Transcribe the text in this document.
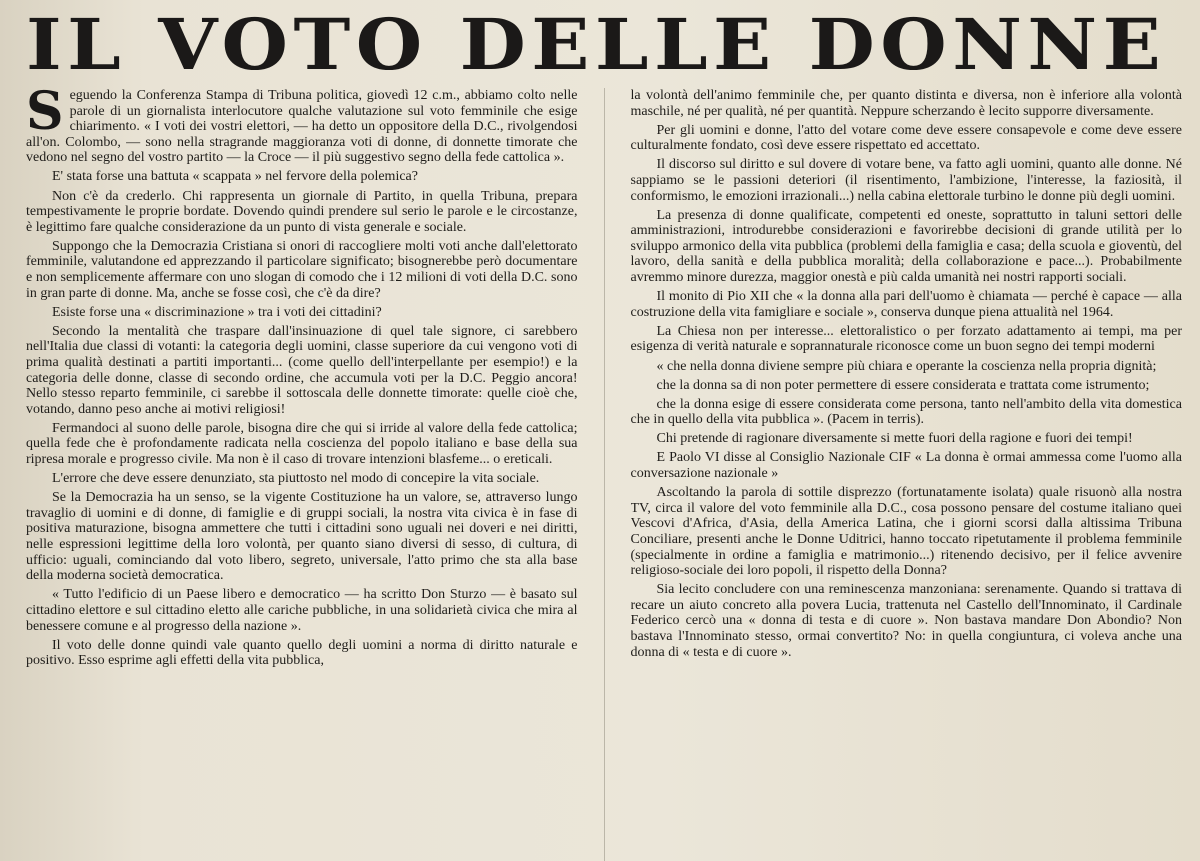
IL VOTO DELLE DONNE

Seguendo la Conferenza Stampa di Tribuna politica, giovedì 12 c.m., abbiamo colto nelle parole di un giornalista interlocutore qualche valutazione sul voto femminile che esige chiarimento. « I voti dei vostri elettori, — ha detto un oppositore della D.C., rivolgendosi all'on. Colombo, — sono nella stragrande maggioranza voti di donne, di donnette timorate che vedono nel segno del vostro partito — la Croce — il più suggestivo segno della fede cattolica ».

E' stata forse una battuta « scappata » nel fervore della polemica?

Non c'è da crederlo. Chi rappresenta un giornale di Partito, in quella Tribuna, prepara tempestivamente le proprie bordate. Dovendo quindi prendere sul serio le parole e le circostanze, è legittimo fare qualche considerazione da un punto di vista generale e sociale.

Suppongo che la Democrazia Cristiana si onori di raccogliere molti voti anche dall'elettorato femminile, valutandone ed apprezzando il particolare significato; bisognerebbe però documentare e non semplicemente affermare con uno slogan di comodo che i 12 milioni di voti della D.C. sono in gran parte di donne. Ma, anche se fosse così, che c'è da dire?

Esiste forse una « discriminazione » tra i voti dei cittadini?

Secondo la mentalità che traspare dall'insinuazione di quel tale signore, ci sarebbero nell'Italia due classi di votanti: la categoria degli uomini, classe superiore da cui vengono voti di prima qualità destinati a partiti importanti... (come quello dell'interpellante per esempio!) e la categoria delle donne, classe di secondo ordine, che accumula voti per la D.C. Peggio ancora! Nello stesso reparto femminile, ci sarebbe il sottoscala delle donnette timorate: quelle cioè che, votando, danno peso anche ai motivi religiosi!

Fermandoci al suono delle parole, bisogna dire che qui si irride al valore della fede cattolica; quella fede che è profondamente radicata nella coscienza del popolo italiano e base della sua ripresa morale e progresso civile. Ma non è il caso di trovare intenzioni blasfeme... o ereticali.

L'errore che deve essere denunziato, sta piuttosto nel modo di concepire la vita sociale.

Se la Democrazia ha un senso, se la vigente Costituzione ha un valore, se, attraverso lungo travaglio di uomini e di donne, di famiglie e di gruppi sociali, la nostra vita civica è in fase di positiva maturazione, bisogna ammettere che tutti i cittadini sono uguali nei doveri e nei diritti, nelle espressioni legittime della loro volontà, per quanto siano diversi di sesso, di cultura, di ufficio: uguali, cominciando dal voto libero, segreto, universale, l'atto primo che sta alla base della moderna società democratica.

« Tutto l'edificio di un Paese libero e democratico — ha scritto Don Sturzo — è basato sul cittadino elettore e sul cittadino eletto alle cariche pubbliche, in una solidarietà civica che mira al benessere comune e al progresso della nazione ».

Il voto delle donne quindi vale quanto quello degli uomini a norma di diritto naturale e positivo. Esso esprime agli effetti della vita pubblica,

la volontà dell'animo femminile che, per quanto distinta e diversa, non è inferiore alla volontà maschile, né per qualità, né per quantità. Neppure scherzando è lecito supporre diversamente.

Per gli uomini e donne, l'atto del votare come deve essere consapevole e come deve essere culturalmente fondato, così deve essere rispettato ed accettato.

Il discorso sul diritto e sul dovere di votare bene, va fatto agli uomini, quanto alle donne. Né sappiamo se le passioni deteriori (il risentimento, l'ambizione, l'interesse, la faziosità, il conformismo, le emozioni irrazionali...) nella cabina elettorale turbino le donne più degli uomini.

La presenza di donne qualificate, competenti ed oneste, soprattutto in taluni settori delle amministrazioni, introdurebbe considerazioni e favorirebbe decisioni di grande utilità per lo sviluppo armonico della vita pubblica (problemi della famiglia e casa; della scuola e gioventù, del lavoro, della sanità e della pubblica moralità; della collaborazione e pace...). Probabilmente avremmo minore durezza, maggior onestà e più calda umanità nei nostri rapporti sociali.

Il monito di Pio XII che « la donna alla pari dell'uomo è chiamata — perché è capace — alla costruzione della vita famigliare e sociale », conserva dunque piena attualità nel 1964.

La Chiesa non per interesse... elettoralistico o per forzato adattamento ai tempi, ma per esigenza di verità naturale e soprannaturale riconosce come un buon segno dei tempi moderni

« che nella donna diviene sempre più chiara e operante la coscienza nella propria dignità;

che la donna sa di non poter permettere di essere considerata e trattata come istrumento;

che la donna esige di essere considerata come persona, tanto nell'ambito della vita domestica che in quello della vita pubblica ». (Pacem in terris).

Chi pretende di ragionare diversamente si mette fuori della ragione e fuori dei tempi!

E Paolo VI disse al Consiglio Nazionale CIF « La donna è ormai ammessa come l'uomo alla conversazione nazionale »

Ascoltando la parola di sottile disprezzo (fortunatamente isolata) quale risuonò alla nostra TV, circa il valore del voto femminile alla D.C., cosa possono pensare del costume italiano quei Vescovi d'Africa, d'Asia, della America Latina, che i giorni scorsi dalla altissima Tribuna Conciliare, presenti anche le Donne Uditrici, hanno toccato ripetutamente il problema femminile (specialmente in ordine a famiglia e matrimonio...) ritenendo decisivo, per il felice avvenire religioso-sociale dei loro popoli, il rispetto della Donna?

Sia lecito concludere con una reminescenza manzoniana: serenamente. Quando si trattava di recare un aiuto concreto alla povera Lucia, trattenuta nel Castello dell'Innominato, il Cardinale Federico cercò una « donna di testa e di cuore ». Non bastava mandare Don Abondio? Non bastava l'Innominato stesso, ormai convertito? No: in quella congiuntura, ci voleva anche una donna di « testa e di cuore ».
